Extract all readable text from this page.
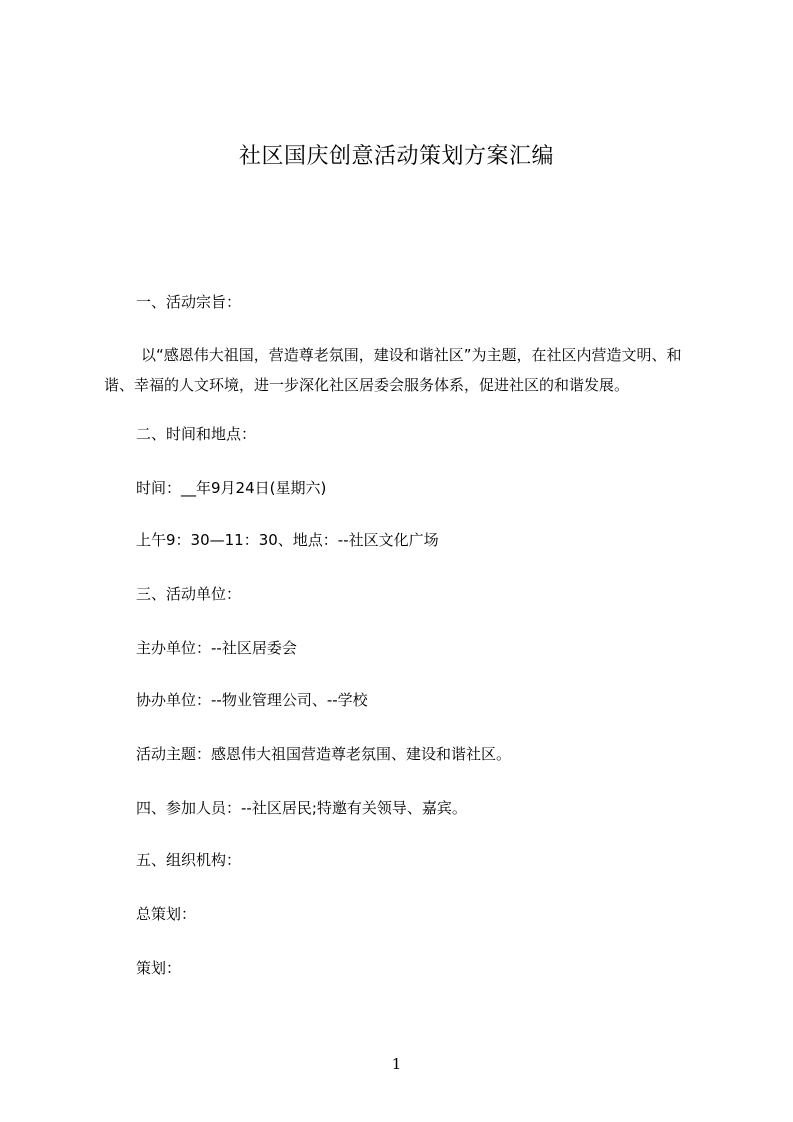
社区国庆创意活动策划方案汇编
一、活动宗旨：
以“感恩伟大祖国，营造尊老氛围，建设和谐社区”为主题，在社区内营造文明、和谐、幸福的人文环境，进一步深化社区居委会服务体系，促进社区的和谐发展。
二、时间和地点：
时间：__年9月24日(星期六)
上午9：30—11：30、地点：--社区文化广场
三、活动单位：
主办单位：--社区居委会
协办单位：--物业管理公司、--学校
活动主题：感恩伟大祖国营造尊老氛围、建设和谐社区。
四、参加人员：--社区居民;特邀有关领导、嘉宾。
五、组织机构：
总策划：
策划：
1
